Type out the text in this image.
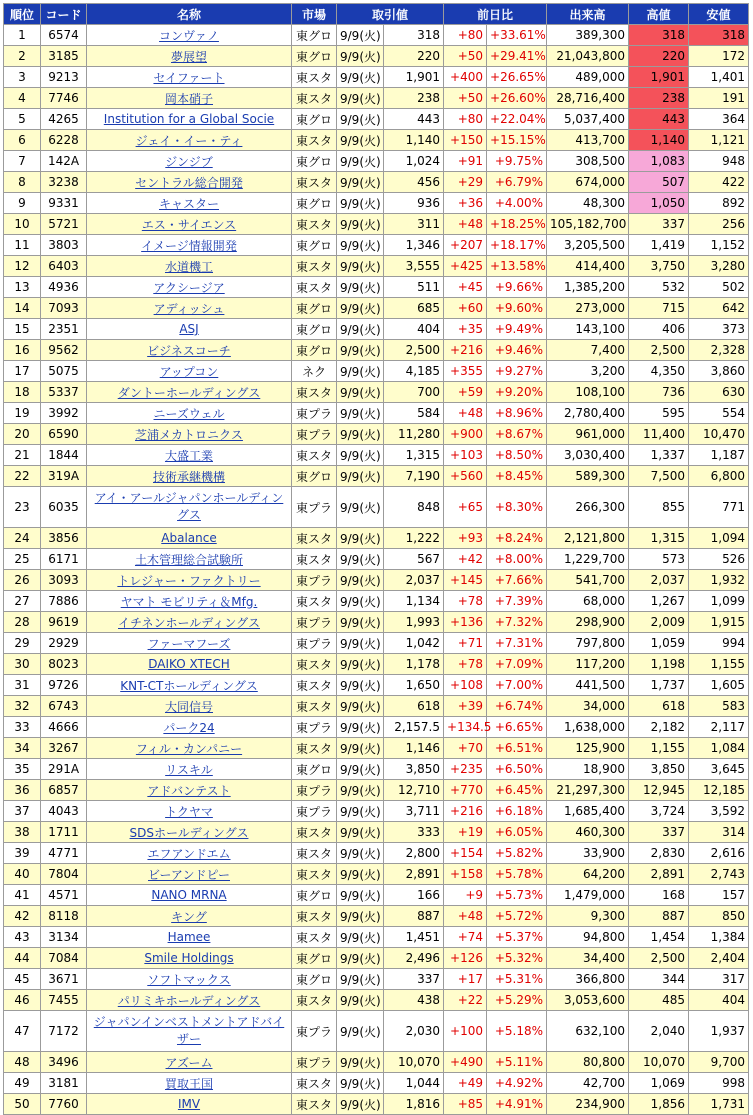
順位	コード	名称	市場	取引値		前日比		出来高	高値	安値
1	6574	コンヴァノ	東グロ	9/9(火)	318	+80	+33.61%	389,300	318	318
2	3185	夢展望	東グロ	9/9(火)	220	+50	+29.41%	21,043,800	220	172
3	9213	セイファート	東スタ	9/9(火)	1,901	+400	+26.65%	489,000	1,901	1,401
4	7746	岡本硝子	東スタ	9/9(火)	238	+50	+26.60%	28,716,400	238	191
5	4265	Institution for a Global Socie	東グロ	9/9(火)	443	+80	+22.04%	5,037,400	443	364
6	6228	ジェイ・イー・ティ	東スタ	9/9(火)	1,140	+150	+15.15%	413,700	1,140	1,121
7	142A	ジンジブ	東グロ	9/9(火)	1,024	+91	+9.75%	308,500	1,083	948
8	3238	セントラル総合開発	東スタ	9/9(火)	456	+29	+6.79%	674,000	507	422
9	9331	キャスター	東グロ	9/9(火)	936	+36	+4.00%	48,300	1,050	892
10	5721	エス・サイエンス	東スタ	9/9(火)	311	+48	+18.25%	105,182,700	337	256
11	3803	イメージ情報開発	東グロ	9/9(火)	1,346	+207	+18.17%	3,205,500	1,419	1,152
12	6403	水道機工	東スタ	9/9(火)	3,555	+425	+13.58%	414,400	3,750	3,280
13	4936	アクシージア	東スタ	9/9(火)	511	+45	+9.66%	1,385,200	532	502
14	7093	アディッシュ	東グロ	9/9(火)	685	+60	+9.60%	273,000	715	642
15	2351	ASJ	東グロ	9/9(火)	404	+35	+9.49%	143,100	406	373
16	9562	ビジネスコーチ	東グロ	9/9(火)	2,500	+216	+9.46%	7,400	2,500	2,328
17	5075	アップコン	ネク	9/9(火)	4,185	+355	+9.27%	3,200	4,350	3,860
18	5337	ダントーホールディングス	東スタ	9/9(火)	700	+59	+9.20%	108,100	736	630
19	3992	ニーズウェル	東プラ	9/9(火)	584	+48	+8.96%	2,780,400	595	554
20	6590	芝浦メカトロニクス	東プラ	9/9(火)	11,280	+900	+8.67%	961,000	11,400	10,470
21	1844	大盛工業	東スタ	9/9(火)	1,315	+103	+8.50%	3,030,400	1,337	1,187
22	319A	技術承継機構	東グロ	9/9(火)	7,190	+560	+8.45%	589,300	7,500	6,800
23	6035	アイ・アールジャパンホールディングス	東プラ	9/9(火)	848	+65	+8.30%	266,300	855	771
24	3856	Abalance	東スタ	9/9(火)	1,222	+93	+8.24%	2,121,800	1,315	1,094
25	6171	土木管理総合試験所	東スタ	9/9(火)	567	+42	+8.00%	1,229,700	573	526
26	3093	トレジャー・ファクトリー	東プラ	9/9(火)	2,037	+145	+7.66%	541,700	2,037	1,932
27	7886	ヤマト モビリティ＆Mfg.	東スタ	9/9(火)	1,134	+78	+7.39%	68,000	1,267	1,099
28	9619	イチネンホールディングス	東プラ	9/9(火)	1,993	+136	+7.32%	298,900	2,009	1,915
29	2929	ファーマフーズ	東プラ	9/9(火)	1,042	+71	+7.31%	797,800	1,059	994
30	8023	DAIKO XTECH	東スタ	9/9(火)	1,178	+78	+7.09%	117,200	1,198	1,155
31	9726	KNT-CTホールディングス	東スタ	9/9(火)	1,650	+108	+7.00%	441,500	1,737	1,605
32	6743	大同信号	東スタ	9/9(火)	618	+39	+6.74%	34,000	618	583
33	4666	パーク24	東プラ	9/9(火)	2,157.5	+134.5	+6.65%	1,638,000	2,182	2,117
34	3267	フィル・カンパニー	東スタ	9/9(火)	1,146	+70	+6.51%	125,900	1,155	1,084
35	291A	リスキル	東グロ	9/9(火)	3,850	+235	+6.50%	18,900	3,850	3,645
36	6857	アドバンテスト	東プラ	9/9(火)	12,710	+770	+6.45%	21,297,300	12,945	12,185
37	4043	トクヤマ	東プラ	9/9(火)	3,711	+216	+6.18%	1,685,400	3,724	3,592
38	1711	SDSホールディングス	東スタ	9/9(火)	333	+19	+6.05%	460,300	337	314
39	4771	エフアンドエム	東スタ	9/9(火)	2,800	+154	+5.82%	33,900	2,830	2,616
40	7804	ビーアンドピー	東スタ	9/9(火)	2,891	+158	+5.78%	64,200	2,891	2,743
41	4571	NANO MRNA	東グロ	9/9(火)	166	+9	+5.73%	1,479,000	168	157
42	8118	キング	東スタ	9/9(火)	887	+48	+5.72%	9,300	887	850
43	3134	Hamee	東スタ	9/9(火)	1,451	+74	+5.37%	94,800	1,454	1,384
44	7084	Smile Holdings	東グロ	9/9(火)	2,496	+126	+5.32%	34,400	2,500	2,404
45	3671	ソフトマックス	東グロ	9/9(火)	337	+17	+5.31%	366,800	344	317
46	7455	パリミキホールディングス	東スタ	9/9(火)	438	+22	+5.29%	3,053,600	485	404
47	7172	ジャパンインベストメントアドバイザー	東プラ	9/9(火)	2,030	+100	+5.18%	632,100	2,040	1,937
48	3496	アズーム	東プラ	9/9(火)	10,070	+490	+5.11%	80,800	10,070	9,700
49	3181	買取王国	東スタ	9/9(火)	1,044	+49	+4.92%	42,700	1,069	998
50	7760	IMV	東スタ	9/9(火)	1,816	+85	+4.91%	234,900	1,856	1,731
